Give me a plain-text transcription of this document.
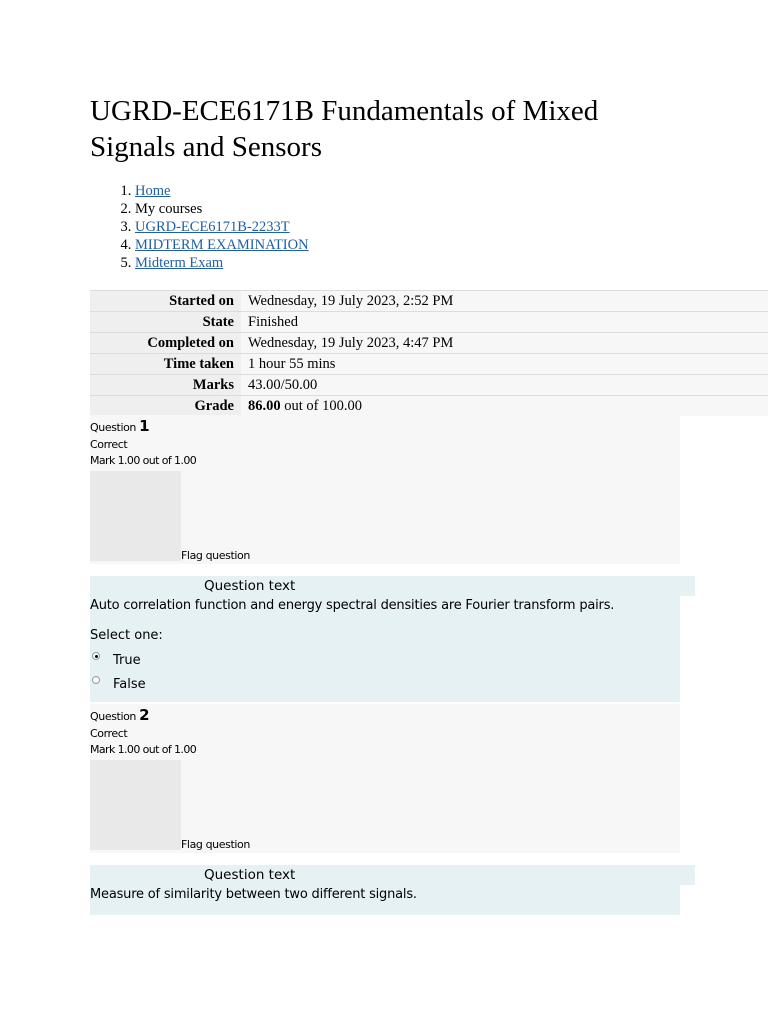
UGRD-ECE6171B Fundamentals of Mixed Signals and Sensors
1. Home
2. My courses
3. UGRD-ECE6171B-2233T
4. MIDTERM EXAMINATION
5. Midterm Exam
Started on	Wednesday, 19 July 2023, 2:52 PM
State	Finished
Completed on	Wednesday, 19 July 2023, 4:47 PM
Time taken	1 hour 55 mins
Marks	43.00/50.00
Grade	86.00 out of 100.00
Question 1
Correct
Mark 1.00 out of 1.00
Flag question
Question text
Auto correlation function and energy spectral densities are Fourier transform pairs.
Select one:
True
False
Question 2
Correct
Mark 1.00 out of 1.00
Flag question
Question text
Measure of similarity between two different signals.
